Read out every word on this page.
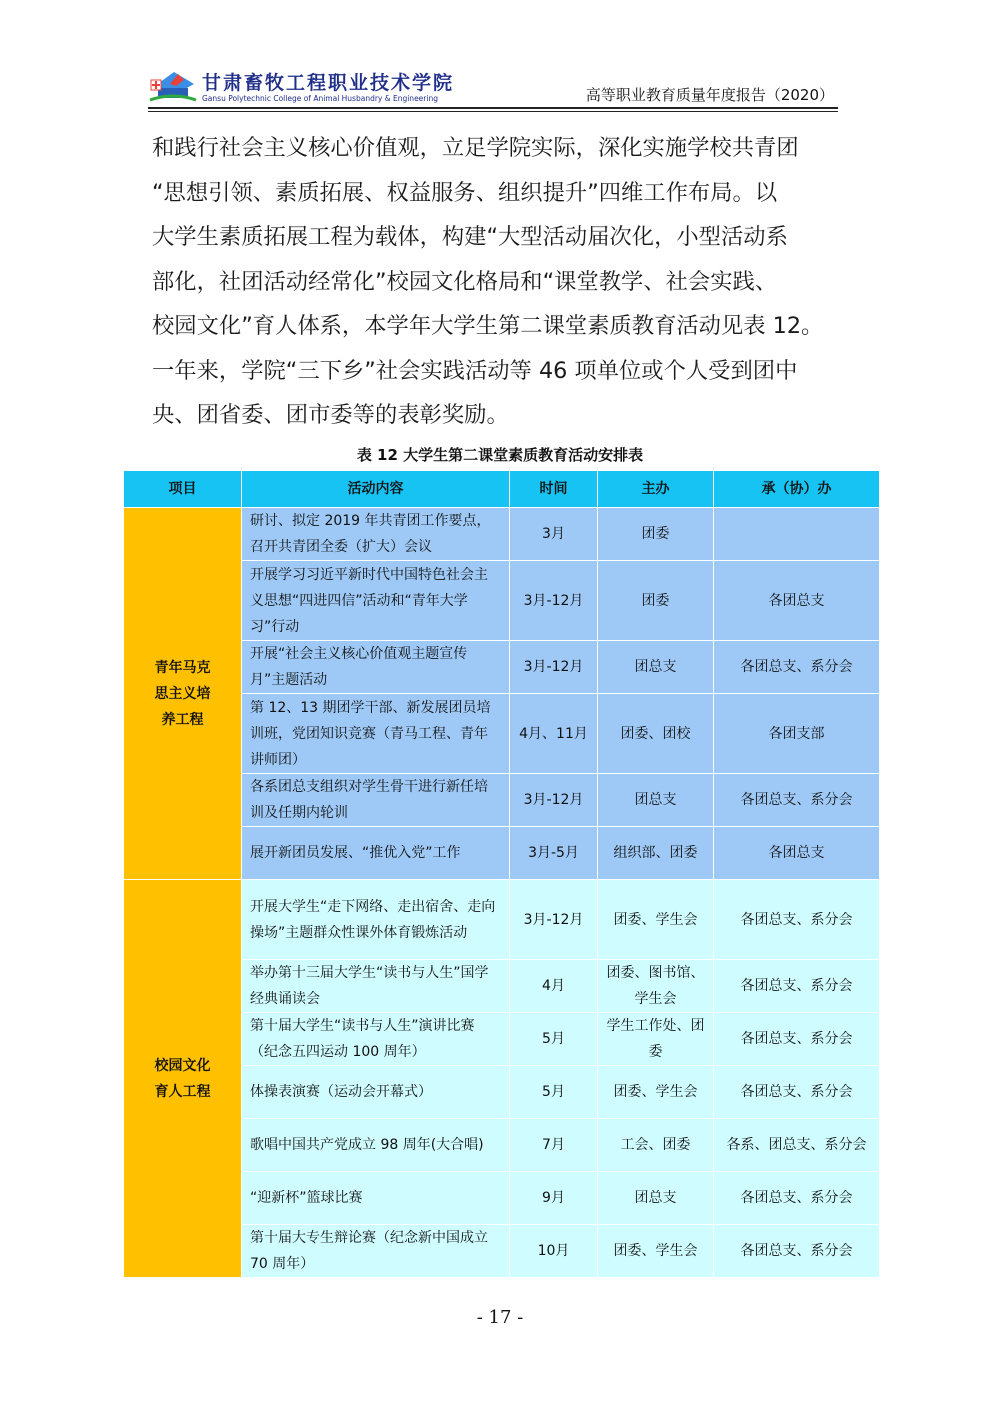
甘肃畜牧工程职业技术学院
Gansu Polytechnic College of Animal Husbandry & Engineering	高等职业教育质量年度报告（2020）

和践行社会主义核心价值观，立足学院实际，深化实施学校共青团

“思想引领、素质拓展、权益服务、组织提升”四维工作布局。以

大学生素质拓展工程为载体，构建“大型活动届次化，小型活动系

部化，社团活动经常化”校园文化格局和“课堂教学、社会实践、

校园文化”育人体系，本学年大学生第二课堂素质教育活动见表 12。

一年来，学院“三下乡”社会实践活动等 46 项单位或个人受到团中

央、团省委、团市委等的表彰奖励。

表 12 大学生第二课堂素质教育活动安排表
项目	活动内容	时间	主办	承（协）办
青年马克
思主义培
养工程	研讨、拟定 2019 年共青团工作要点，召开共青团全委（扩大）会议	3月	团委	
	开展学习习近平新时代中国特色社会主义思想“四进四信”活动和“青年大学习”行动	3月-12月	团委	各团总支
	开展“社会主义核心价值观主题宣传月”主题活动	3月-12月	团总支	各团总支、系分会
	第 12、13 期团学干部、新发展团员培训班，党团知识竞赛（青马工程、青年讲师团）	4月、11月	团委、团校	各团支部
	各系团总支组织对学生骨干进行新任培训及任期内轮训	3月-12月	团总支	各团总支、系分会
	展开新团员发展、“推优入党”工作	3月-5月	组织部、团委	各团总支
校园文化
育人工程	开展大学生“走下网络、走出宿舍、走向操场”主题群众性课外体育锻炼活动	3月-12月	团委、学生会	各团总支、系分会
	举办第十三届大学生“读书与人生”国学经典诵读会	4月	团委、图书馆、学生会	各团总支、系分会
	第十届大学生“读书与人生”演讲比赛（纪念五四运动 100 周年）	5月	学生工作处、团委	各团总支、系分会
	体操表演赛（运动会开幕式）	5月	团委、学生会	各团总支、系分会
	歌唱中国共产党成立 98 周年(大合唱)	7月	工会、团委	各系、团总支、系分会
	“迎新杯”篮球比赛	9月	团总支	各团总支、系分会
	第十届大专生辩论赛（纪念新中国成立 70 周年）	10月	团委、学生会	各团总支、系分会
- 17 -
